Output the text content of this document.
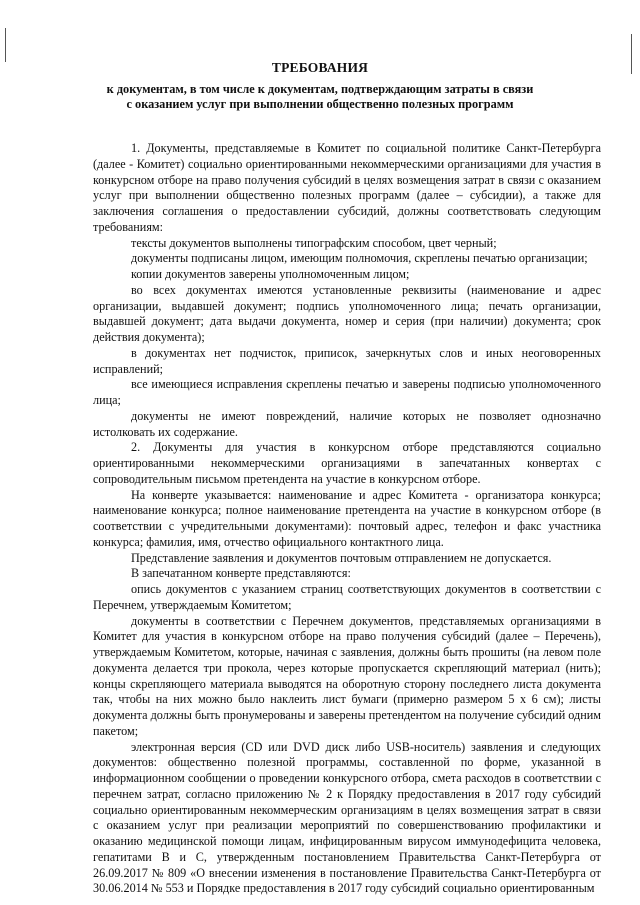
ТРЕБОВАНИЯ
к документам, в том числе к документам, подтверждающим затраты в связи
с оказанием услуг при выполнении общественно полезных программ

1. Документы, представляемые в Комитет по социальной политике Санкт-Петербурга (далее - Комитет) социально ориентированными некоммерческими организациями для участия в конкурсном отборе на право получения субсидий в целях возмещения затрат в связи с оказанием услуг при выполнении общественно полезных программ (далее – субсидии), а также для заключения соглашения о предоставлении субсидий, должны соответствовать следующим требованиям:

тексты документов выполнены типографским способом, цвет черный;

документы подписаны лицом, имеющим полномочия, скреплены печатью организации;

копии документов заверены уполномоченным лицом;

во всех документах имеются установленные реквизиты (наименование и адрес организации, выдавшей документ; подпись уполномоченного лица; печать организации, выдавшей документ; дата выдачи документа, номер и серия (при наличии) документа; срок действия документа);

в документах нет подчисток, приписок, зачеркнутых слов и иных неоговоренных исправлений;

все имеющиеся исправления скреплены печатью и заверены подписью уполномоченного лица;

документы не имеют повреждений, наличие которых не позволяет однозначно истолковать их содержание.

2. Документы для участия в конкурсном отборе представляются социально ориентированными некоммерческими организациями в запечатанных конвертах с сопроводительным письмом претендента на участие в конкурсном отборе.

На конверте указывается: наименование и адрес Комитета - организатора конкурса; наименование конкурса; полное наименование претендента на участие в конкурсном отборе (в соответствии с учредительными документами): почтовый адрес, телефон и факс участника конкурса; фамилия, имя, отчество официального контактного лица.

Представление заявления и документов почтовым отправлением не допускается.

В запечатанном конверте представляются:

опись документов с указанием страниц соответствующих документов в соответствии с Перечнем, утверждаемым Комитетом;

документы в соответствии с Перечнем документов, представляемых организациями в Комитет для участия в конкурсном отборе на право получения субсидий (далее – Перечень), утверждаемым Комитетом, которые, начиная с заявления, должны быть прошиты (на левом поле документа делается три прокола, через которые пропускается скрепляющий материал (нить); концы скрепляющего материала выводятся на оборотную сторону последнего листа документа так, чтобы на них можно было наклеить лист бумаги (примерно размером 5 х 6 см); листы документа должны быть пронумерованы и заверены претендентом на получение субсидий одним пакетом;

электронная версия (CD или DVD диск либо USB-носитель) заявления и следующих документов: общественно полезной программы, составленной по форме, указанной в информационном сообщении о проведении конкурсного отбора, смета расходов в соответствии с перечнем затрат, согласно приложению № 2 к Порядку предоставления в 2017 году субсидий социально ориентированным некоммерческим организациям в целях возмещения затрат в связи с оказанием услуг при реализации мероприятий по совершенствованию профилактики и оказанию медицинской помощи лицам, инфицированным вирусом иммунодефицита человека, гепатитами В и С, утвержденным постановлением Правительства Санкт-Петербурга от 26.09.2017 № 809 «О внесении изменения в постановление Правительства Санкт-Петербурга от 30.06.2014 № 553 и Порядке предоставления в 2017 году субсидий социально ориентированным
